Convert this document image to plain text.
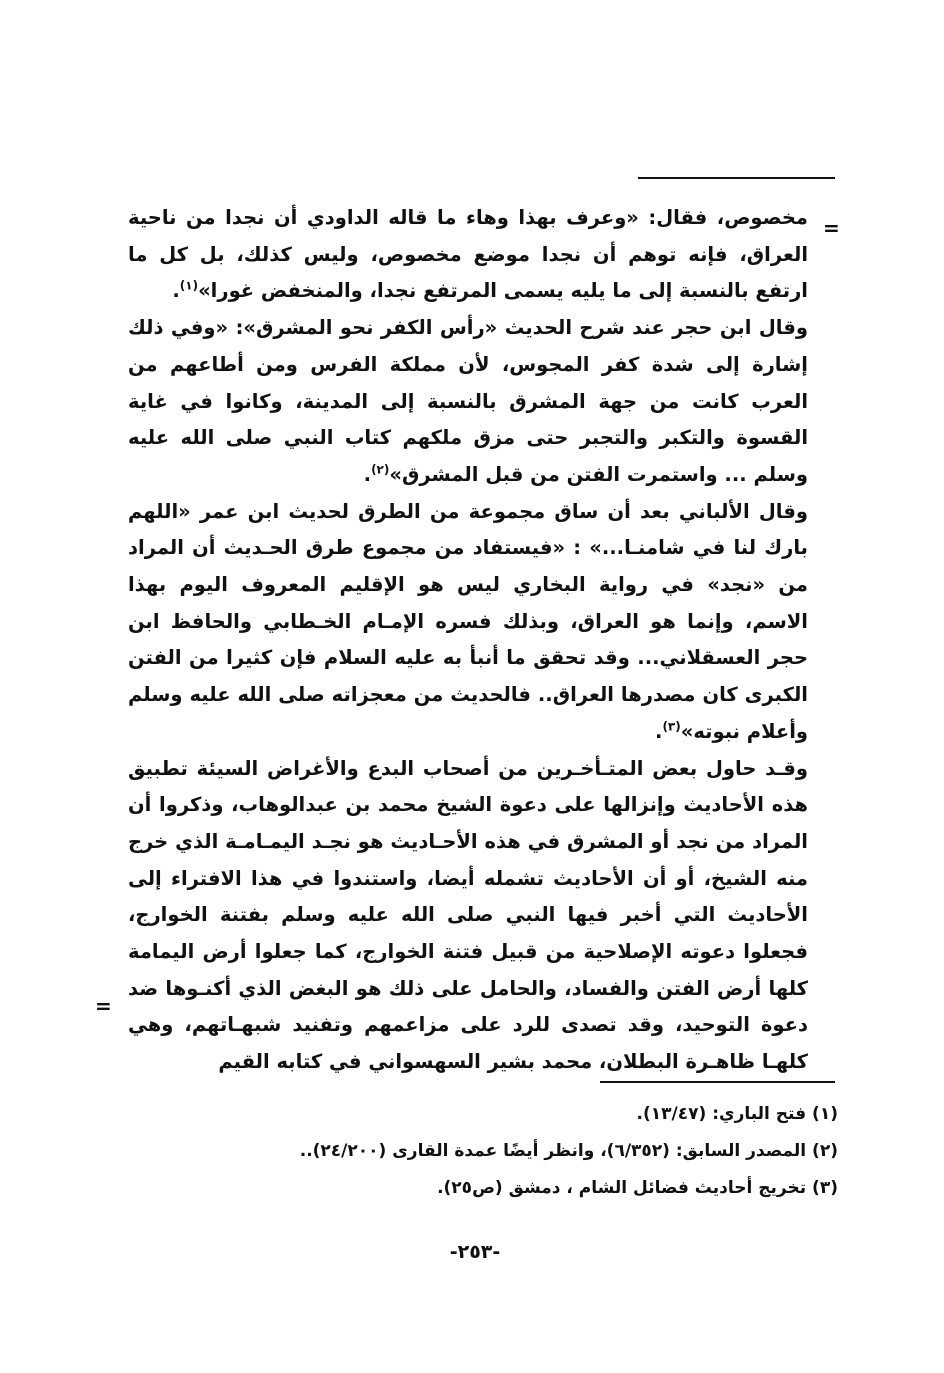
=

مخصوص، فقال: «وعرف بهذا وهاء ما قاله الداودي أن نجدا من ناحية العراق، فإنه توهم أن نجدا موضع مخصوص، وليس كذلك، بل كل ما ارتفع بالنسبة إلى ما يليه يسمى المرتفع نجدا، والمنخفض غورا»$^{(١)}$.

وقال ابن حجر عند شرح الحديث «رأس الكفر نحو المشرق»: «وفي ذلك إشارة إلى شدة كفر المجوس، لأن مملكة الفرس ومن أطاعهم من العرب كانت من جهة المشرق بالنسبة إلى المدينة، وكانوا في غاية القسوة والتكبر والتجبر حتى مزق ملكهم كتاب النبي صلى الله عليه وسلم ... واستمرت الفتن من قبل المشرق»$^{(٢)}$.

وقال الألباني بعد أن ساق مجموعة من الطرق لحديث ابن عمر «اللهم بارك لنا في شامنـا...» : «فيستفاد من مجموع طرق الحـديث أن المراد من «نجد» في رواية البخاري ليس هو الإقليم المعروف اليوم بهذا الاسم، وإنما هو العراق، وبذلك فسره الإمـام الخـطابي والحافظ ابن حجر العسقلاني... وقد تحقق ما أنبأ به عليه السلام فإن كثيرا من الفتن الكبرى كان مصدرها العراق.. فالحديث من معجزاته صلى الله عليه وسلم وأعلام نبوته»$^{(٣)}$.

وقـد حاول بعض المتـأخـرين من أصحاب البدع والأغراض السيئة تطبيق هذه الأحاديث وإنزالها على دعوة الشيخ محمد بن عبدالوهاب، وذكروا أن المراد من نجد أو المشرق في هذه الأحـاديث هو نجـد اليمـامـة الذي خرج منه الشيخ، أو أن الأحاديث تشمله أيضا، واستندوا في هذا الافتراء إلى الأحاديث التي أخبر فيها النبي صلى الله عليه وسلم بفتنة الخوارج، فجعلوا دعوته الإصلاحية من قبيل فتنة الخوارج، كما جعلوا أرض اليمامة كلها أرض الفتن والفساد، والحامل على ذلك هو البغض الذي أكنـوها ضد دعوة التوحيد، وقد تصدى للرد على مزاعمهم وتفنيد شبهـاتهم، وهي كلهـا ظاهـرة البطلان، محمد بشير السهسواني في كتابه القيم

=

(١) فتح الباري: (١٣/٤٧).

(٢) المصدر السابق: (٦/٣٥٢)، وانظر أيضًا عمدة القارى (٢٤/٢٠٠)..

(٣) تخريج أحاديث فضائل الشام ، دمشق (ص٢٥).

-٢٥٣-
